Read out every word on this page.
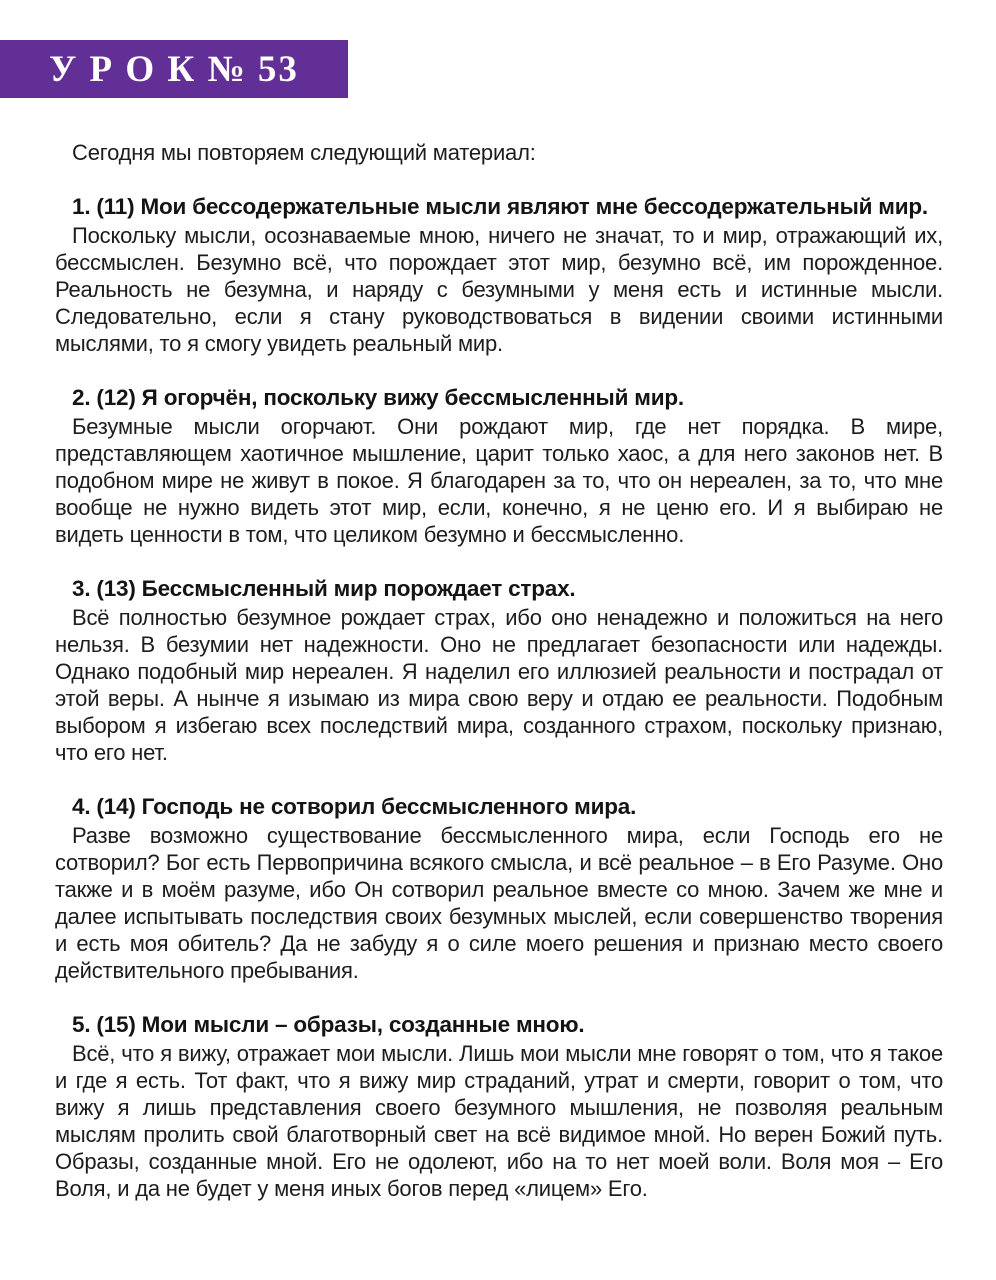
У Р О К № 53

Сегодня мы повторяем следующий материал:

1. (11) Мои бессодержательные мысли являют мне бессодержательный мир.

Поскольку мысли, осознаваемые мною, ничего не значат, то и мир, отражающий их, бессмыслен. Безумно всё, что порождает этот мир, безумно всё, им порожденное. Реальность не безумна, и наряду с безумными у меня есть и истинные мысли. Следовательно, если я стану руководствоваться в видении своими истинными мыслями, то я смогу увидеть реальный мир.

2. (12) Я огорчён, поскольку вижу бессмысленный мир.

Безумные мысли огорчают. Они рождают мир, где нет порядка. В мире, представляющем хаотичное мышление, царит только хаос, а для него законов нет. В подобном мире не живут в покое. Я благодарен за то, что он нереален, за то, что мне вообще не нужно видеть этот мир, если, конечно, я не ценю его. И я выбираю не видеть ценности в том, что целиком безумно и бессмысленно.

3. (13) Бессмысленный мир порождает страх.

Всё полностью безумное рождает страх, ибо оно ненадежно и положиться на него нельзя. В безумии нет надежности. Оно не предлагает безопасности или надежды. Однако подобный мир нереален. Я наделил его иллюзией реальности и пострадал от этой веры. А нынче я изымаю из мира свою веру и отдаю ее реальности. Подобным выбором я избегаю всех последствий мира, созданного страхом, поскольку признаю, что его нет.

4. (14) Господь не сотворил бессмысленного мира.

Разве возможно существование бессмысленного мира, если Господь его не сотворил? Бог есть Первопричина всякого смысла, и всё реальное – в Его Разуме. Оно также и в моём разуме, ибо Он сотворил реальное вместе со мною. Зачем же мне и далее испытывать последствия своих безумных мыслей, если совершенство творения и есть моя обитель? Да не забуду я о силе моего решения и признаю место своего действительного пребывания.

5. (15) Мои мысли – образы, созданные мною.

Всё, что я вижу, отражает мои мысли. Лишь мои мысли мне говорят о том, что я такое и где я есть. Тот факт, что я вижу мир страданий, утрат и смерти, говорит о том, что вижу я лишь представления своего безумного мышления, не позволяя реальным мыслям пролить свой благотворный свет на всё видимое мной. Но верен Божий путь. Образы, созданные мной. Его не одолеют, ибо на то нет моей воли. Воля моя – Его Воля, и да не будет у меня иных богов перед «лицем» Его.
